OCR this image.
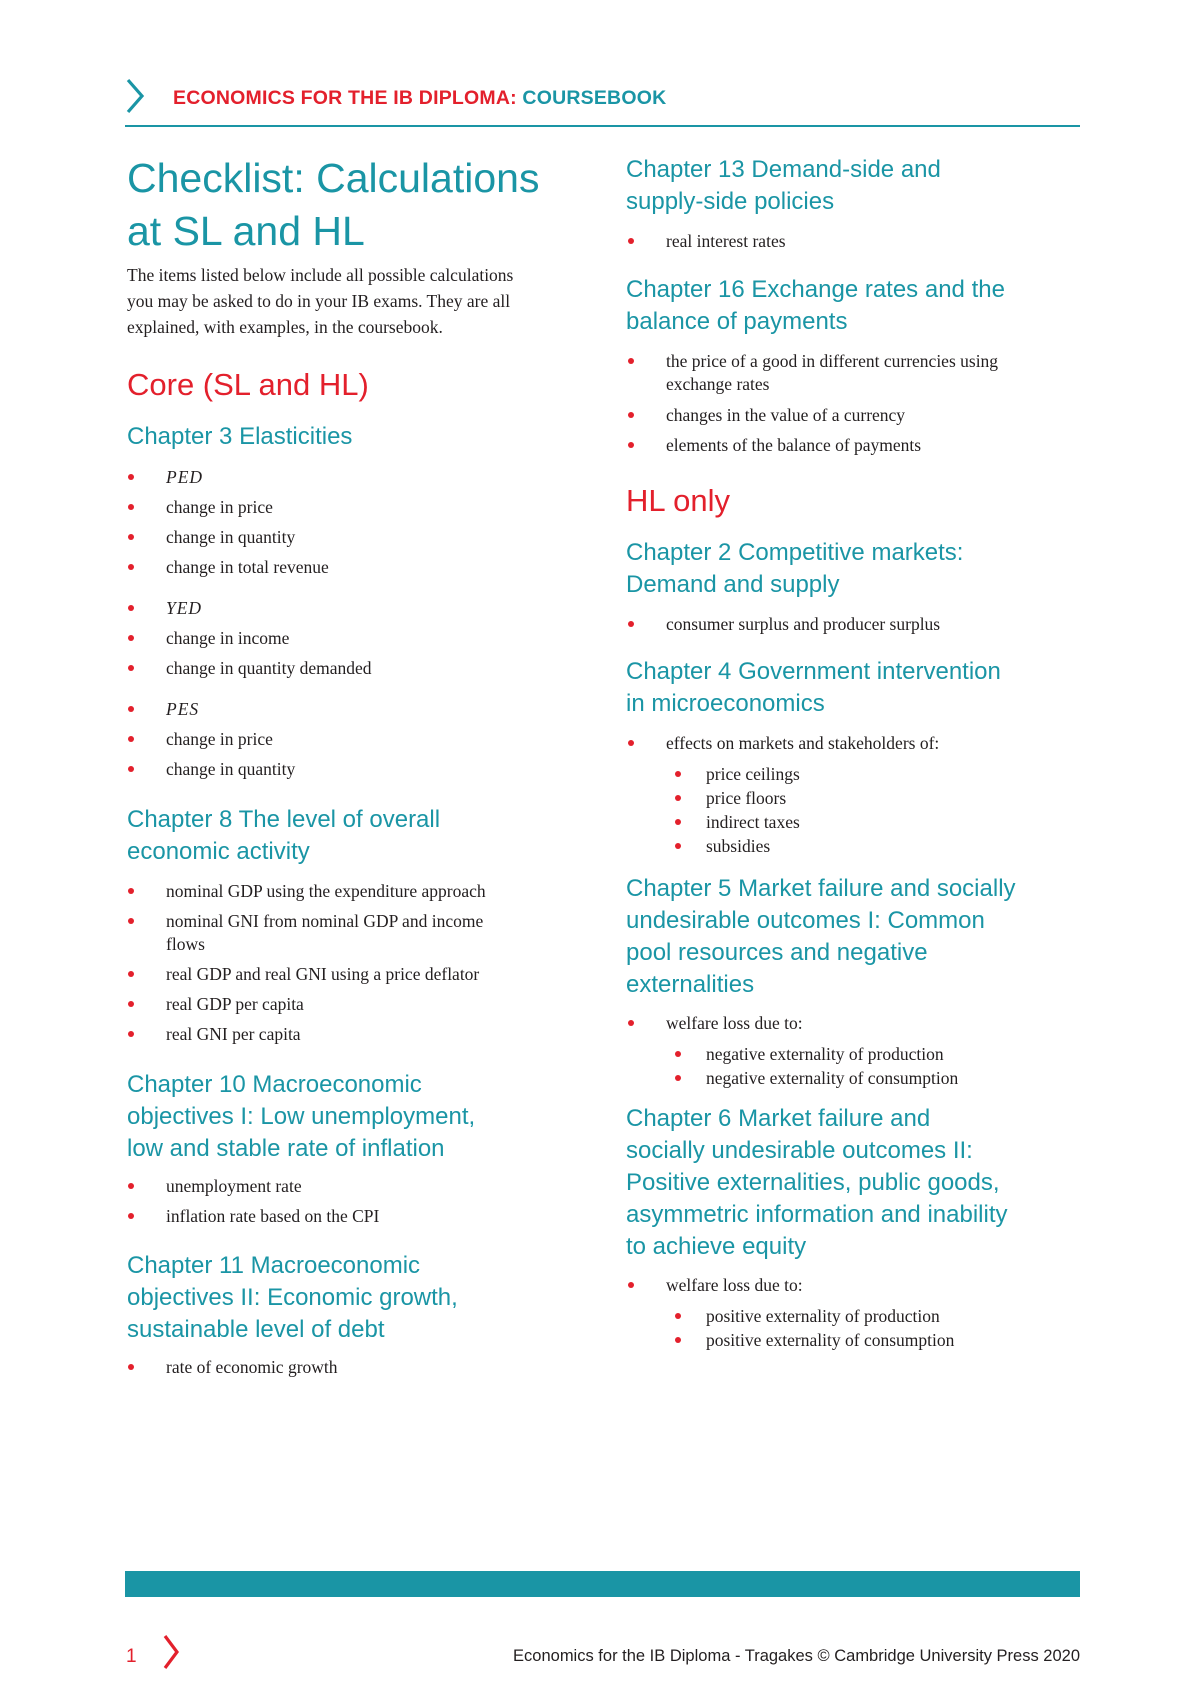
ECONOMICS FOR THE IB DIPLOMA: COURSEBOOK
Checklist: Calculations
at SL and HL
The items listed below include all possible calculations
you may be asked to do in your IB exams. They are all
explained, with examples, in the coursebook.
Core (SL and HL)
Chapter 3 Elasticities
PED
change in price
change in quantity
change in total revenue
YED
change in income
change in quantity demanded
PES
change in price
change in quantity
Chapter 8 The level of overall
economic activity
nominal GDP using the expenditure approach
nominal GNI from nominal GDP and income
flows
real GDP and real GNI using a price deflator
real GDP per capita
real GNI per capita
Chapter 10 Macroeconomic
objectives I: Low unemployment,
low and stable rate of inflation
unemployment rate
inflation rate based on the CPI
Chapter 11 Macroeconomic
objectives II: Economic growth,
sustainable level of debt
rate of economic growth
Chapter 13 Demand-side and
supply-side policies
real interest rates
Chapter 16 Exchange rates and the
balance of payments
the price of a good in different currencies using
exchange rates
changes in the value of a currency
elements of the balance of payments
HL only
Chapter 2 Competitive markets:
Demand and supply
consumer surplus and producer surplus
Chapter 4 Government intervention
in microeconomics
effects on markets and stakeholders of:
price ceilings
price floors
indirect taxes
subsidies
Chapter 5 Market failure and socially
undesirable outcomes I: Common
pool resources and negative
externalities
welfare loss due to:
negative externality of production
negative externality of consumption
Chapter 6 Market failure and
socially undesirable outcomes II:
Positive externalities, public goods,
asymmetric information and inability
to achieve equity
welfare loss due to:
positive externality of production
positive externality of consumption
1	Economics for the IB Diploma - Tragakes © Cambridge University Press 2020
